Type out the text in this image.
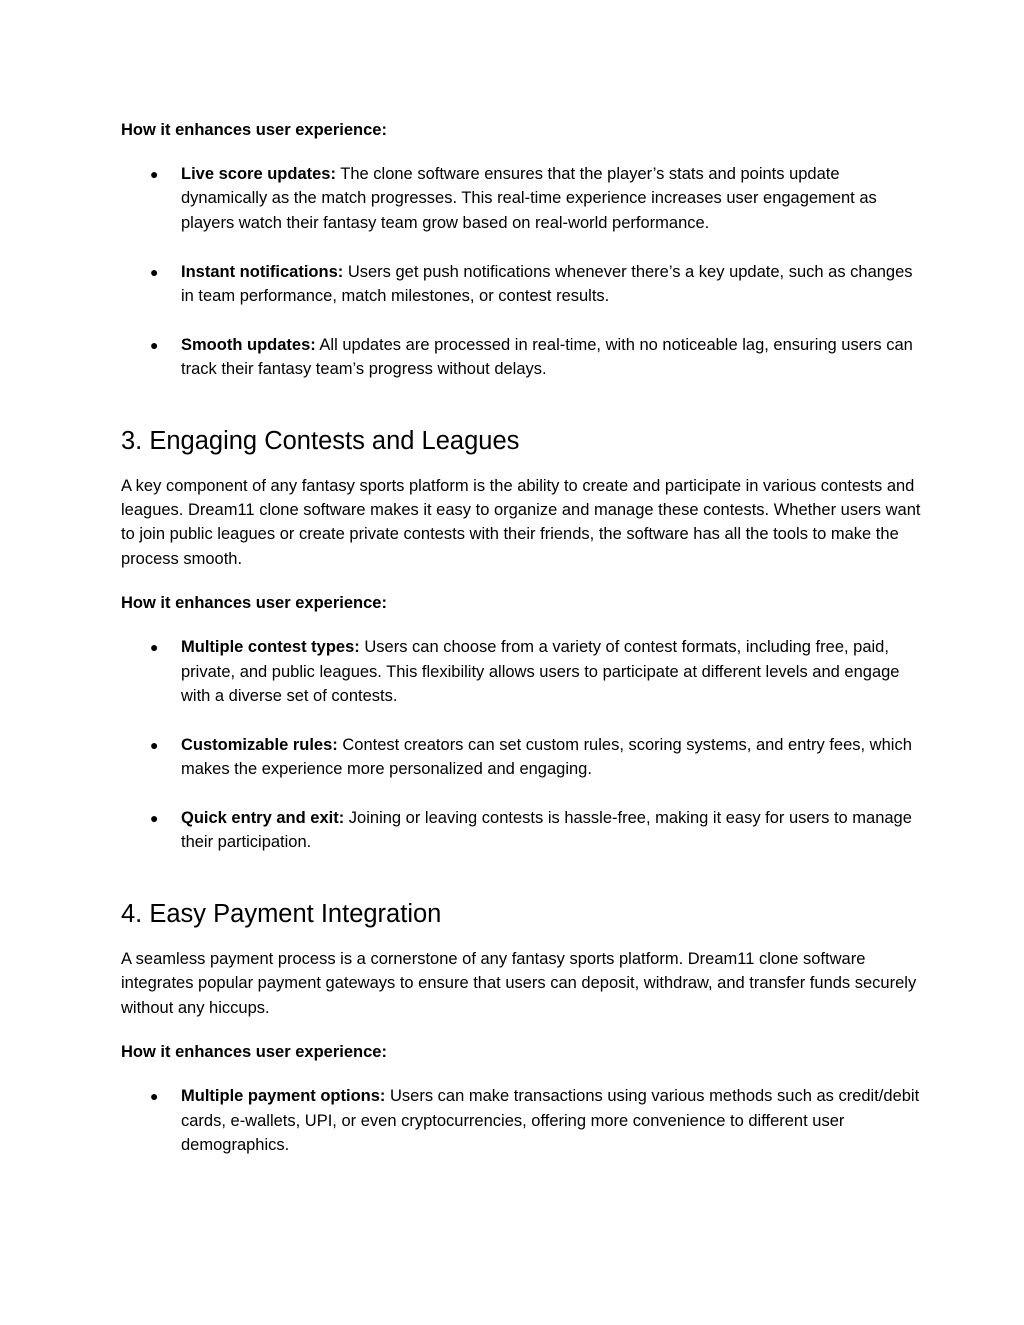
How it enhances user experience:

● Live score updates: The clone software ensures that the player’s stats and points update dynamically as the match progresses. This real-time experience increases user engagement as players watch their fantasy team grow based on real-world performance.
● Instant notifications: Users get push notifications whenever there’s a key update, such as changes in team performance, match milestones, or contest results.
● Smooth updates: All updates are processed in real-time, with no noticeable lag, ensuring users can track their fantasy team’s progress without delays.
3. Engaging Contests and Leagues

A key component of any fantasy sports platform is the ability to create and participate in various contests and leagues. Dream11 clone software makes it easy to organize and manage these contests. Whether users want to join public leagues or create private contests with their friends, the software has all the tools to make the process smooth.

How it enhances user experience:

● Multiple contest types: Users can choose from a variety of contest formats, including free, paid, private, and public leagues. This flexibility allows users to participate at different levels and engage with a diverse set of contests.
● Customizable rules: Contest creators can set custom rules, scoring systems, and entry fees, which makes the experience more personalized and engaging.
● Quick entry and exit: Joining or leaving contests is hassle-free, making it easy for users to manage their participation.
4. Easy Payment Integration

A seamless payment process is a cornerstone of any fantasy sports platform. Dream11 clone software integrates popular payment gateways to ensure that users can deposit, withdraw, and transfer funds securely without any hiccups.

How it enhances user experience:

● Multiple payment options: Users can make transactions using various methods such as credit/debit cards, e-wallets, UPI, or even cryptocurrencies, offering more convenience to different user demographics.
